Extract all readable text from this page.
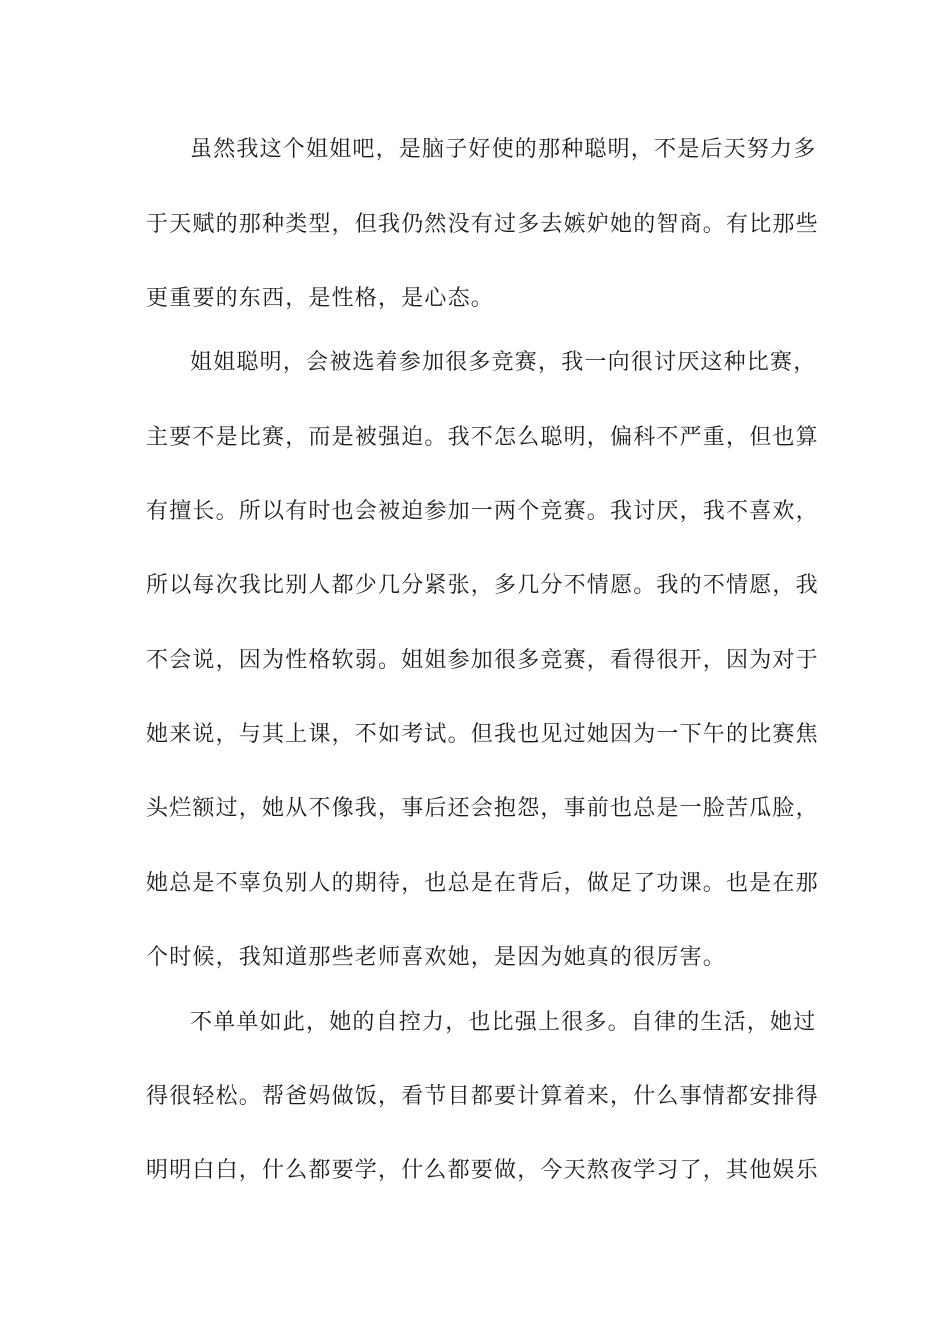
虽然我这个姐姐吧，是脑子好使的那种聪明，不是后天努力多

于天赋的那种类型，但我仍然没有过多去嫉妒她的智商。有比那些

更重要的东西，是性格，是心态。

姐姐聪明，会被选着参加很多竞赛，我一向很讨厌这种比赛，

主要不是比赛，而是被强迫。我不怎么聪明，偏科不严重，但也算

有擅长。所以有时也会被迫参加一两个竞赛。我讨厌，我不喜欢，

所以每次我比别人都少几分紧张，多几分不情愿。我的不情愿，我

不会说，因为性格软弱。姐姐参加很多竞赛，看得很开，因为对于

她来说，与其上课，不如考试。但我也见过她因为一下午的比赛焦

头烂额过，她从不像我，事后还会抱怨，事前也总是一脸苦瓜脸，

她总是不辜负别人的期待，也总是在背后，做足了功课。也是在那

个时候，我知道那些老师喜欢她，是因为她真的很厉害。

不单单如此，她的自控力，也比强上很多。自律的生活，她过

得很轻松。帮爸妈做饭，看节目都要计算着来，什么事情都安排得

明明白白，什么都要学，什么都要做，今天熬夜学习了，其他娱乐
